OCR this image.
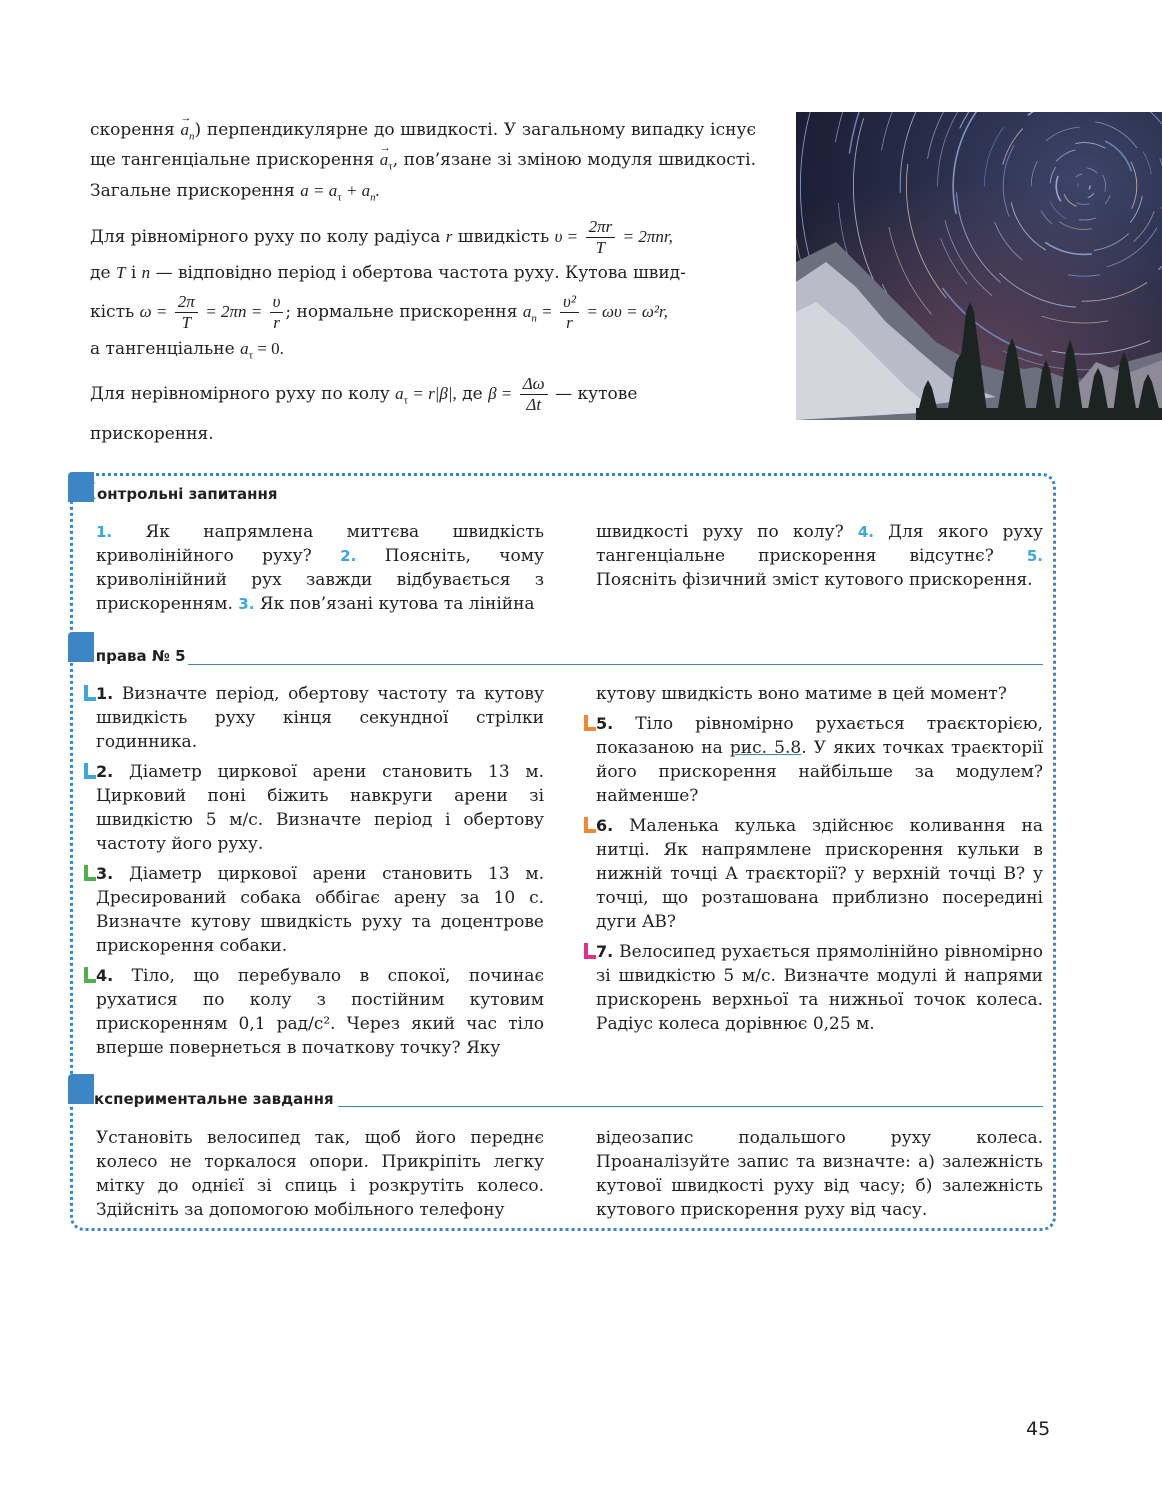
скорення → $a_n$) перпендикулярне до швидкості. У загальному випадку існує ще тангенціальне прискорення → $a_\tau$, пов’язане зі зміною модуля швидкості. Загальне прискорення $a = a_\tau + a_n$.
Для рівномірного руху по колу радіуса r швидкість $\upsilon = \frac{2\pi r}{T} = 2\pi nr$,
де T і n — відповідно період і обертова частота руху. Кутова швид-
кість $\omega = \frac{2\pi}{T} = 2\pi n = \frac{\upsilon}{r}$ ; нормальне прискорення $a_n = \frac{\text{υ²}}{r} = \omega\upsilon = \omega^2r$,
а тангенціальне $a_\tau = 0$.
Для нерівномірного руху по колу $a_\tau = r|\beta|$, де $\beta = \frac{\Delta\omega}{\Delta t}$ — кутове
прискорення.
Контрольні запитання
1. Як напрямлена миттєва швидкість криволінійного руху? 2. Поясніть, чому криволінійний рух завжди відбувається з прискоренням. 3. Як пов’язані кутова та лінійна
швидкості руху по колу? 4. Для якого руху тангенціальне прискорення відсутнє? 5. Поясніть фізичний зміст кутового прискорення.
Вправа № 5
1. Визначте період, обертову частоту та кутову швидкість руху кінця секундної стрілки годинника.
2. Діаметр циркової арени становить 13 м. Цирковий поні біжить навкруги арени зі швидкістю 5 м/с. Визначте період і обертову частоту його руху.
3. Діаметр циркової арени становить 13 м. Дресирований собака оббігає арену за 10 с. Визначте кутову швидкість руху та доцентрове прискорення собаки.
4. Тіло, що перебувало в спокої, починає рухатися по колу з постійним кутовим прискоренням 0,1 рад/с². Через який час тіло вперше повернеться в початкову точку? Яку
кутову швидкість воно матиме в цей момент?
5. Тіло рівномірно рухається траєкторією, показаною на рис. 5.8. У яких точках траєкторії його прискорення найбільше за модулем? найменше?
6. Маленька кулька здійснює коливання на нитці. Як напрямлене прискорення кульки в нижній точці A траєкторії? у верхній точці B? у точці, що розташована приблизно посередині дуги AB?
7. Велосипед рухається прямолінійно рівномірно зі швидкістю 5 м/с. Визначте модулі й напрями прискорень верхньої та нижньої точок колеса. Радіус колеса дорівнює 0,25 м.
Експериментальне завдання
Установіть велосипед так, щоб його переднє колесо не торкалося опори. Прикріпіть легку мітку до однієї зі спиць і розкрутіть колесо. Здійсніть за допомогою мобільного телефону
відеозапис подальшого руху колеса. Проаналізуйте запис та визначте: а) залежність кутової швидкості руху від часу; б) залежність кутового прискорення руху від часу.
45
